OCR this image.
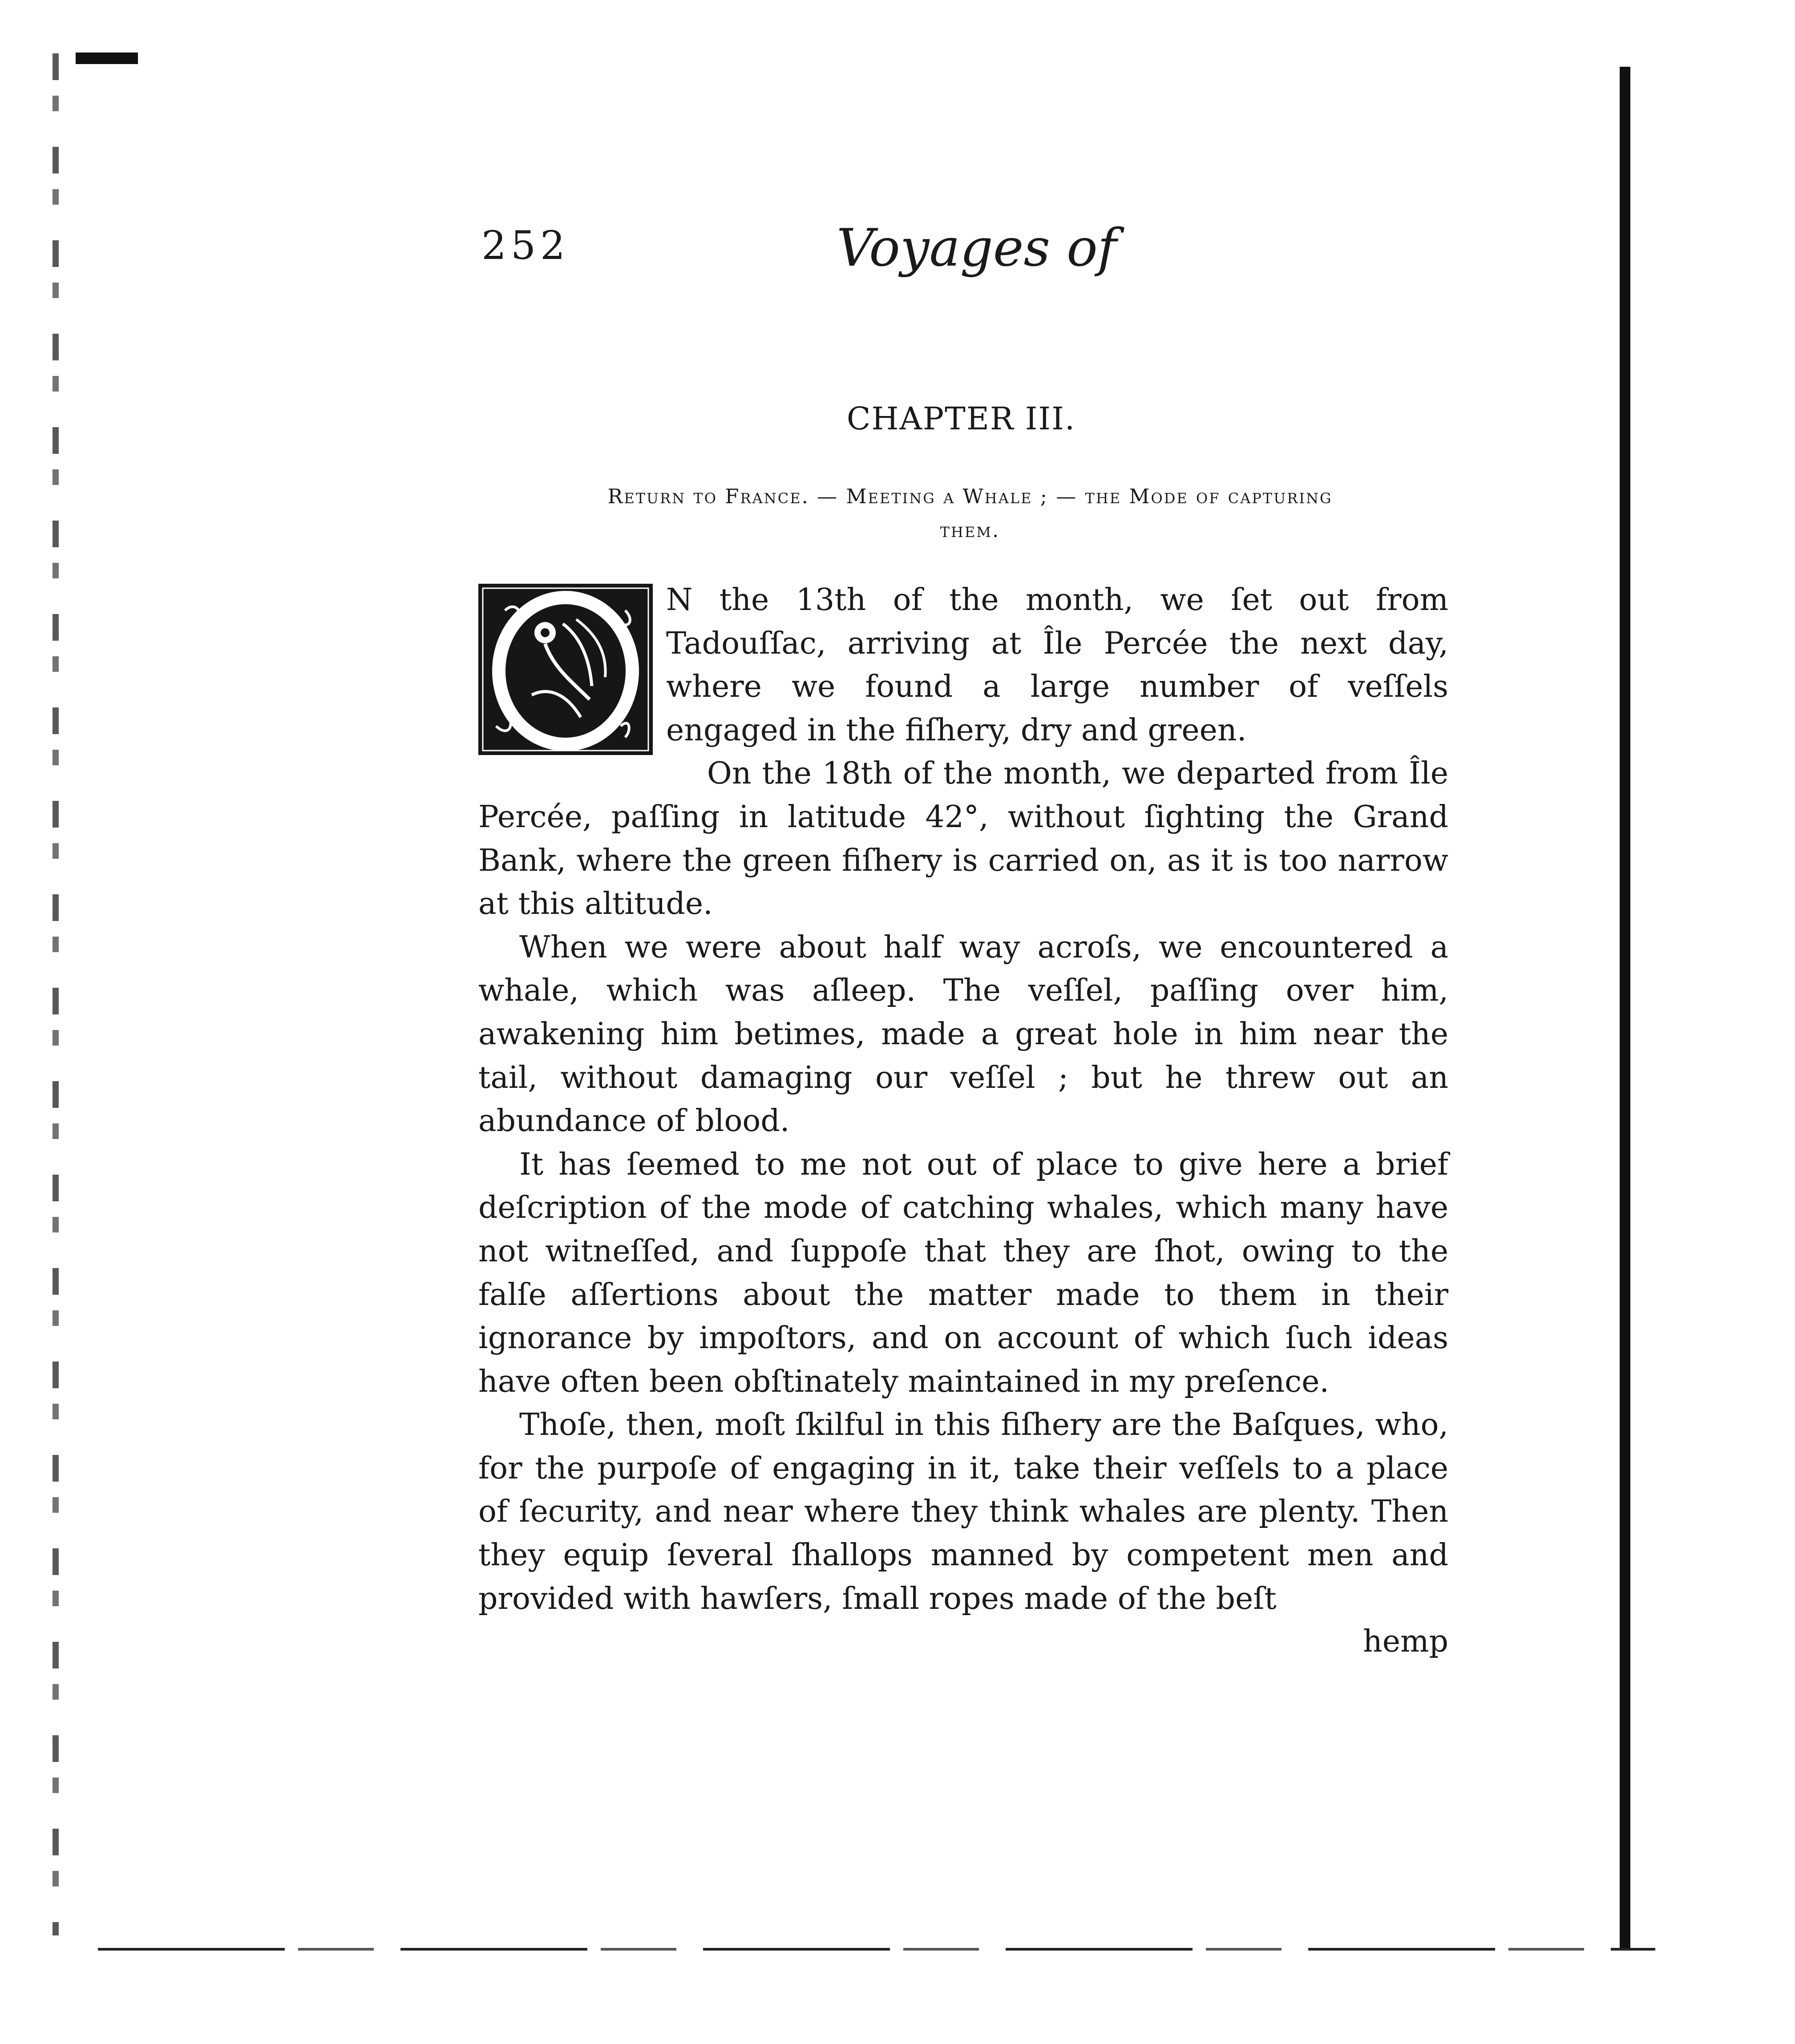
252	Voyages of
CHAPTER III.
Return to France. — Meeting a Whale ; — the Mode of capturing
them.

N the 13th of the month, we ſet out from Tadouſſac, arriving at Île Percée the next day, where we found a large number of veſſels engaged in the fiſhery, dry and green.

On the 18th of the month, we departed from Île Percée, paſſing in latitude 42°, without ſighting the Grand Bank, where the green fiſhery is carried on, as it is too narrow at this altitude.

When we were about half way acroſs, we encountered a whale, which was aſleep. The veſſel, paſſing over him, awakening him betimes, made a great hole in him near the tail, without damaging our veſſel ; but he threw out an abundance of blood.

It has ſeemed to me not out of place to give here a brief deſcription of the mode of catching whales, which many have not witneſſed, and ſuppoſe that they are ſhot, owing to the falſe aſſertions about the matter made to them in their ignorance by impoſtors, and on account of which ſuch ideas have often been obſtinately maintained in my preſence.

Thoſe, then, moſt ſkilful in this fiſhery are the Baſques, who, for the purpoſe of engaging in it, take their veſſels to a place of ſecurity, and near where they think whales are plenty. Then they equip ſeveral ſhallops manned by competent men and provided with hawſers, ſmall ropes made of the beſt

hemp
